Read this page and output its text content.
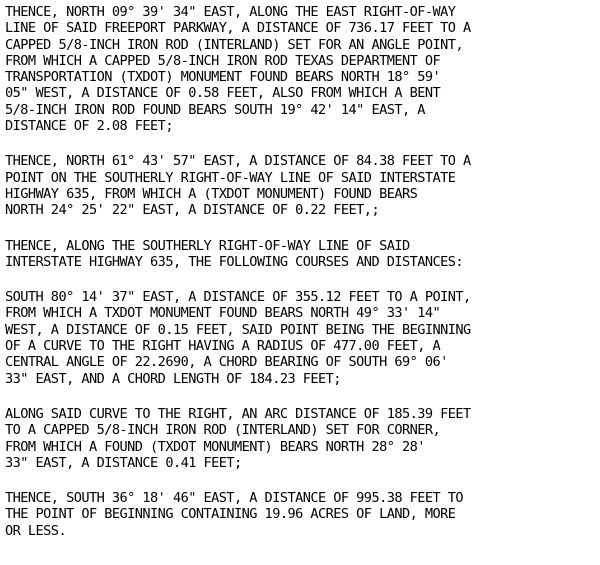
THENCE, NORTH 09° 39' 34" EAST, ALONG THE EAST RIGHT-OF-WAY
LINE OF SAID FREEPORT PARKWAY, A DISTANCE OF 736.17 FEET TO A
CAPPED 5/8-INCH IRON ROD (INTERLAND) SET FOR AN ANGLE POINT,
FROM WHICH A CAPPED 5/8-INCH IRON ROD TEXAS DEPARTMENT OF
TRANSPORTATION (TXDOT) MONUMENT FOUND BEARS NORTH 18° 59'
05" WEST, A DISTANCE OF 0.58 FEET, ALSO FROM WHICH A BENT
5/8-INCH IRON ROD FOUND BEARS SOUTH 19° 42' 14" EAST, A
DISTANCE OF 2.08 FEET;
THENCE, NORTH 61° 43' 57" EAST, A DISTANCE OF 84.38 FEET TO A
POINT ON THE SOUTHERLY RIGHT-OF-WAY LINE OF SAID INTERSTATE
HIGHWAY 635, FROM WHICH A (TXDOT MONUMENT) FOUND BEARS
NORTH 24° 25' 22" EAST, A DISTANCE OF 0.22 FEET,;
THENCE, ALONG THE SOUTHERLY RIGHT-OF-WAY LINE OF SAID
INTERSTATE HIGHWAY 635, THE FOLLOWING COURSES AND DISTANCES:
SOUTH 80° 14' 37" EAST, A DISTANCE OF 355.12 FEET TO A POINT,
FROM WHICH A TXDOT MONUMENT FOUND BEARS NORTH 49° 33' 14"
WEST, A DISTANCE OF 0.15 FEET, SAID POINT BEING THE BEGINNING
OF A CURVE TO THE RIGHT HAVING A RADIUS OF 477.00 FEET, A
CENTRAL ANGLE OF 22.2690, A CHORD BEARING OF SOUTH 69° 06'
33" EAST, AND A CHORD LENGTH OF 184.23 FEET;
ALONG SAID CURVE TO THE RIGHT, AN ARC DISTANCE OF 185.39 FEET
TO A CAPPED 5/8-INCH IRON ROD (INTERLAND) SET FOR CORNER,
FROM WHICH A FOUND (TXDOT MONUMENT) BEARS NORTH 28° 28'
33" EAST, A DISTANCE 0.41 FEET;
THENCE, SOUTH 36° 18' 46" EAST, A DISTANCE OF 995.38 FEET TO
THE POINT OF BEGINNING CONTAINING 19.96 ACRES OF LAND, MORE
OR LESS.
